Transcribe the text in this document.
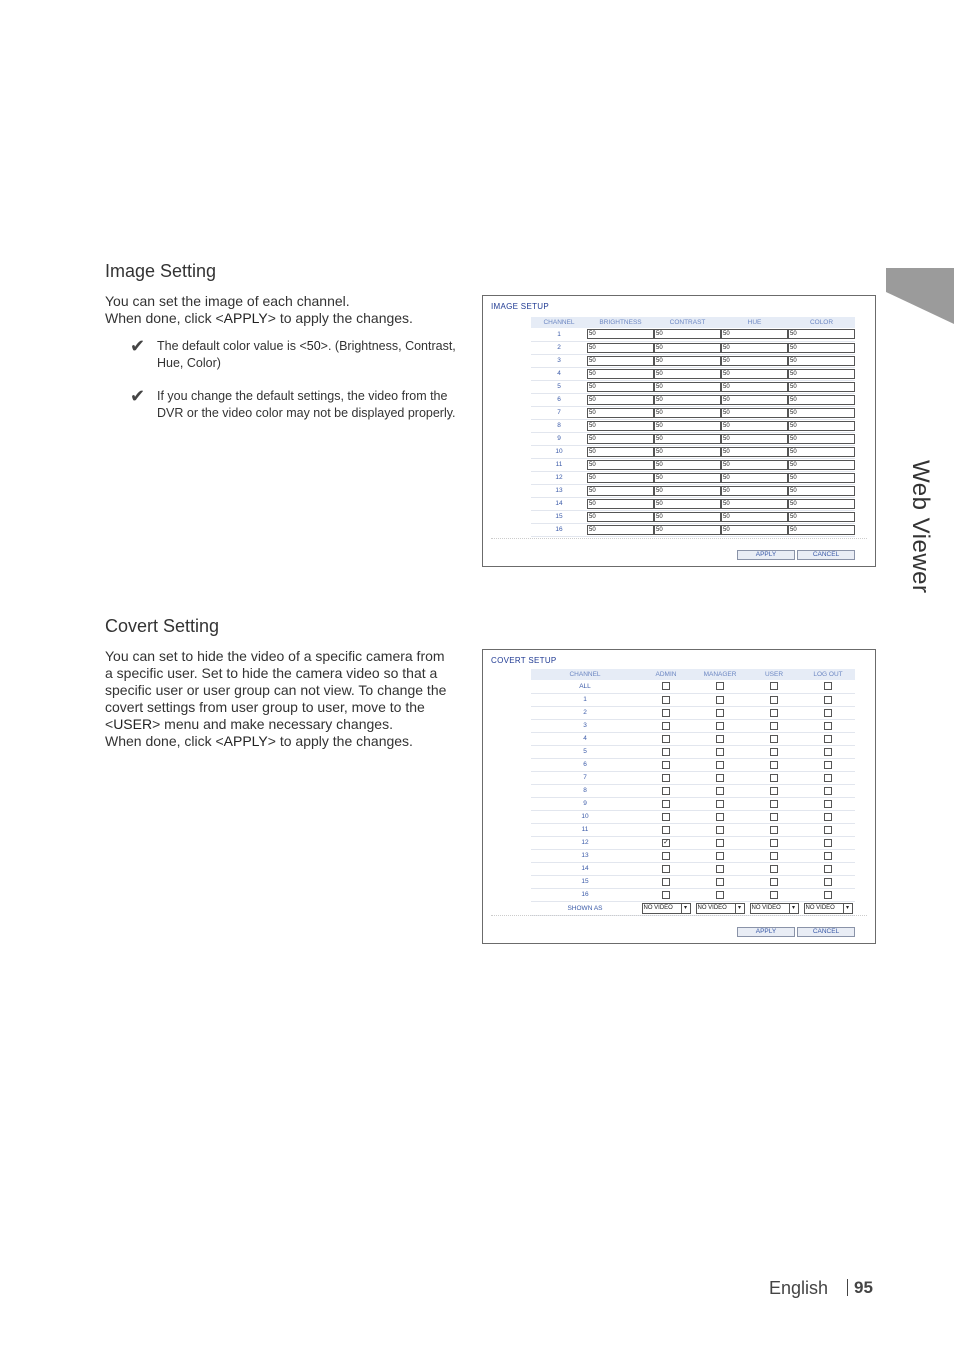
Web Viewer
Image Setting
You can set the image of each channel.
When done, click <APPLY> to apply the changes.
✔ The default color value is <50>. (Brightness, Contrast, Hue, Color)
✔ If you change the default settings, the video from the DVR or the video color may not be displayed properly.
IMAGE SETUP
CHANNEL	BRIGHTNESS	CONTRAST	HUE	COLOR
1	50	50	50	50

2	50	50	50	50

3	50	50	50	50

4	50	50	50	50

5	50	50	50	50

6	50	50	50	50

7	50	50	50	50

8	50	50	50	50

9	50	50	50	50

10	50	50	50	50

11	50	50	50	50

12	50	50	50	50

13	50	50	50	50

14	50	50	50	50

15	50	50	50	50

16	50	50	50	50
APPLY	CANCEL
Covert Setting
You can set to hide the video of a specific camera from
a specific user. Set to hide the camera video so that a
specific user or user group can not view. To change the
covert settings from user group to user, move to the
<USER> menu and make necessary changes.
When done, click <APPLY> to apply the changes.
COVERT SETUP
CHANNEL	ADMIN	MANAGER	USER	LOG OUT
ALL				
1				
2				
3				
4				
5				
6				
7				
8				
9				
10				
11				
12	✓			
13				
14				
15				
16				
SHOWN AS	NO VIDEO ▾	NO VIDEO ▾	NO VIDEO ▾	NO VIDEO ▾
APPLY	CANCEL
English 95
